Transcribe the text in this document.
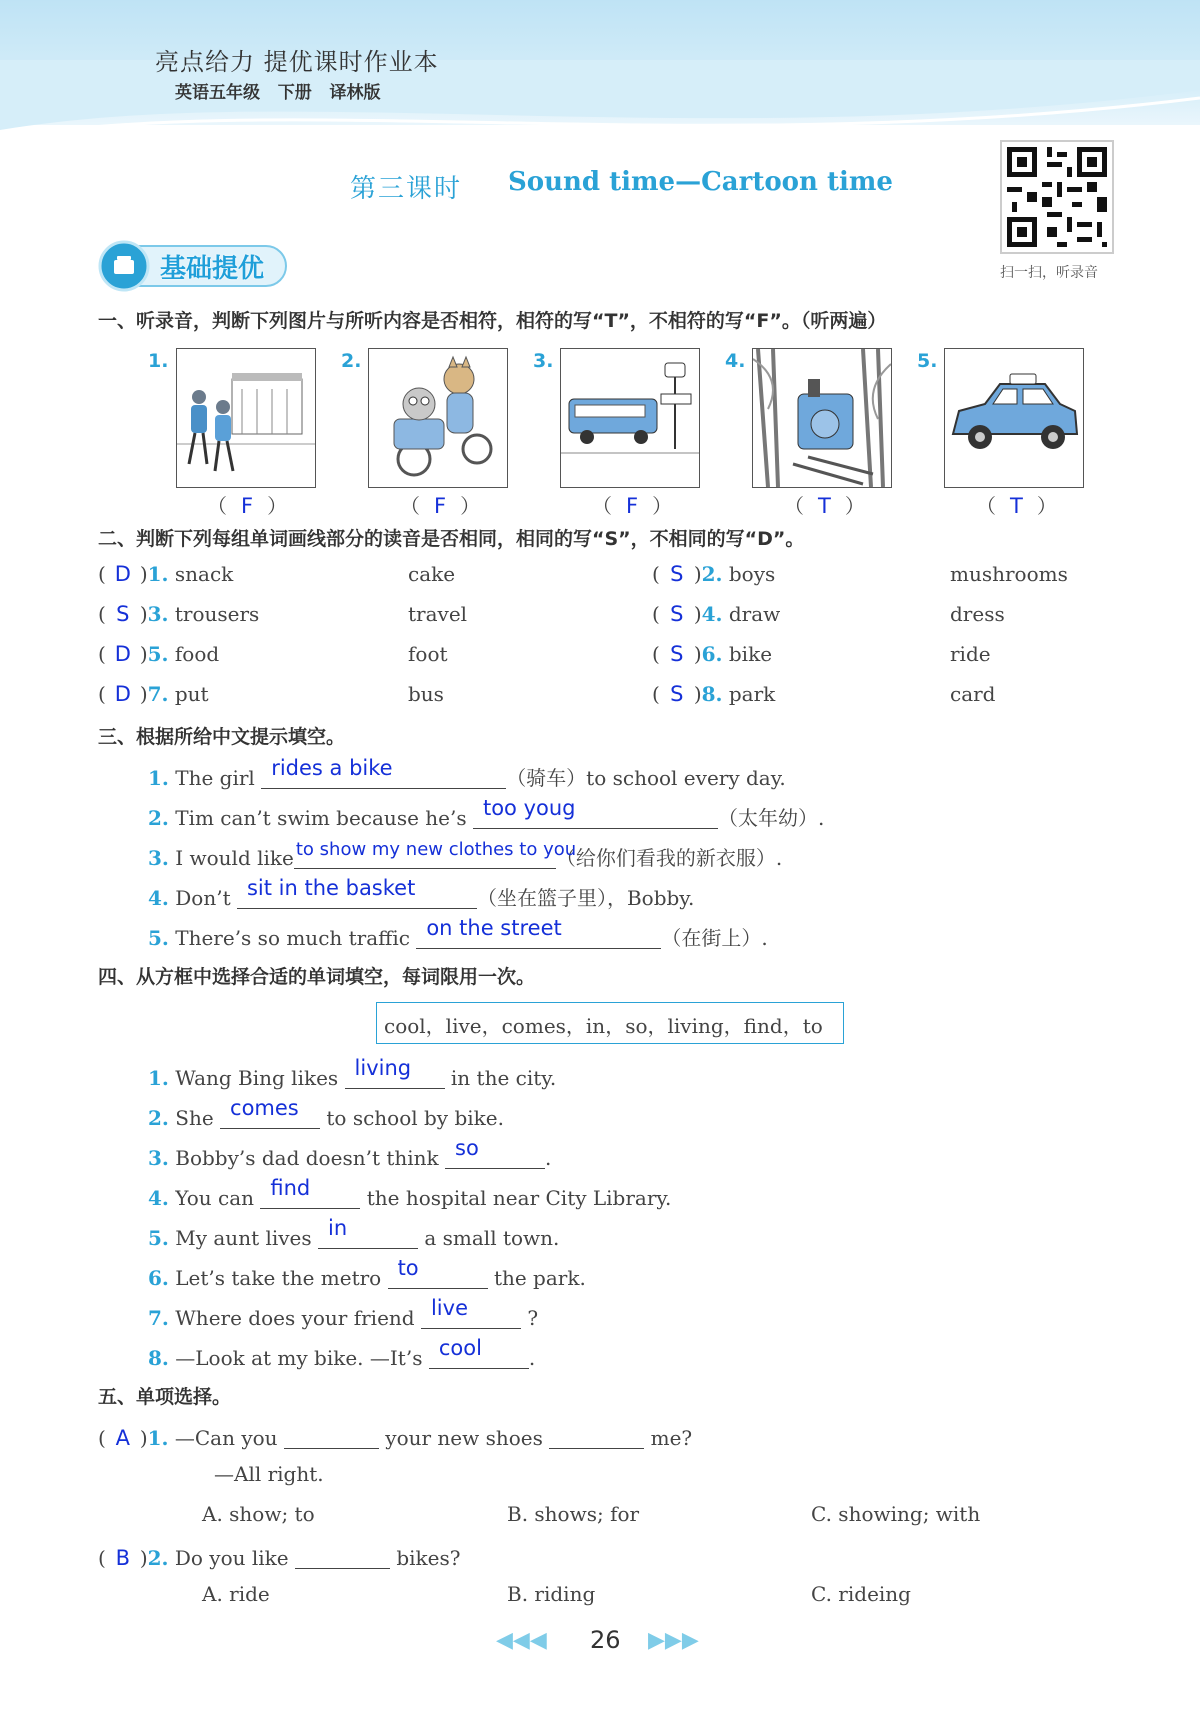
亮点给力 提优课时作业本
英语五年级   下册   译林版
第三课时 Sound time—Cartoon time
扫一扫，听录音
基础提优
一、听录音，判断下列图片与所听内容是否相符，相符的写“T”，不相符的写“F”。（听两遍）
1.
（ F ）
2.
（ F ）
3.
（ F ）
4.
（ T ）
5.
（ T ）
二、判断下列每组单词画线部分的读音是否相同，相同的写“S”，不相同的写“D”。
( D )1. snack	cake	( S )2. boys	mushrooms
( S )3. trousers	travel	( S )4. draw	dress
( D )5. food	foot	( S )6. bike	ride
( D )7. put	bus	( S )8. park	card
三、根据所给中文提示填空。
1. The girl rides a bike	（骑车）to school every day.
2. Tim can’t swim because he’s too youg	（太年幼）.
3. I would like to show my new clothes to you
（给你们看我的新衣服）.
4. Don’t sit in the basket	（坐在篮子里），Bobby.
5. There’s so much traffic on the street	（在街上）.
四、从方框中选择合适的单词填空，每词限用一次。
cool，live，comes，in，so，living，find，to
1. Wang Bing likes living in the city.
2. She comes to school by bike.
3. Bobby’s dad doesn’t think so	.
4. You can find	the hospital near City Library.
5. My aunt lives in	a small town.
6. Let’s take the metro to	the park.
7. Where does your friend live	?
8. —Look at my bike. —It’s cool .
五、单项选择。
( A )1. —Can you	your new shoes	me?
—All right.
A. show; to	B. shows; for	C. showing; with
( B )2. Do you like	bikes?
A. ride	B. riding	C. rideing
◀◀◀ 26 ▶▶▶
